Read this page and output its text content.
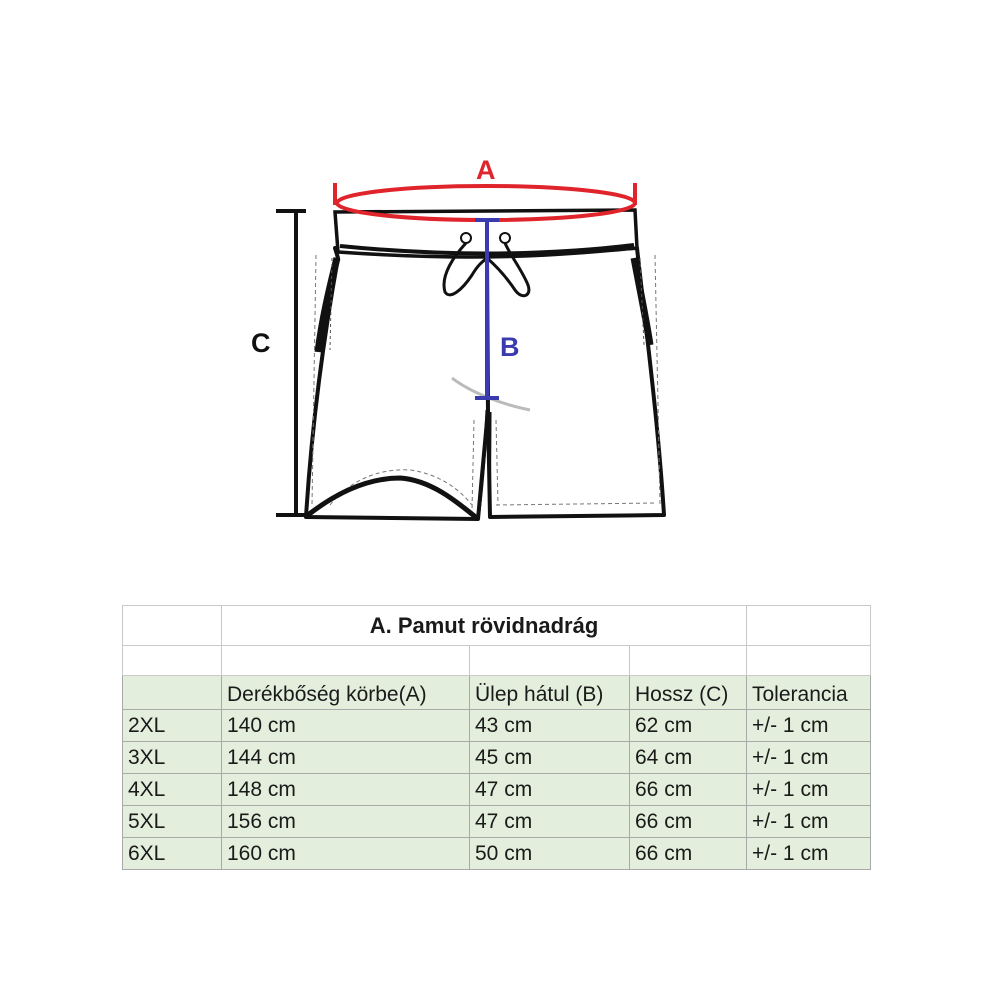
A
B
C
	A. Pamut rövidnadrág			

	Derékbőség körbe(A)	Ülep hátul (B)	Hossz (C)	Tolerancia
2XL	140 cm	43 cm	62 cm	+/- 1 cm
3XL	144 cm	45 cm	64 cm	+/- 1 cm
4XL	148 cm	47 cm	66 cm	+/- 1 cm
5XL	156 cm	47 cm	66 cm	+/- 1 cm
6XL	160 cm	50 cm	66 cm	+/- 1 cm
